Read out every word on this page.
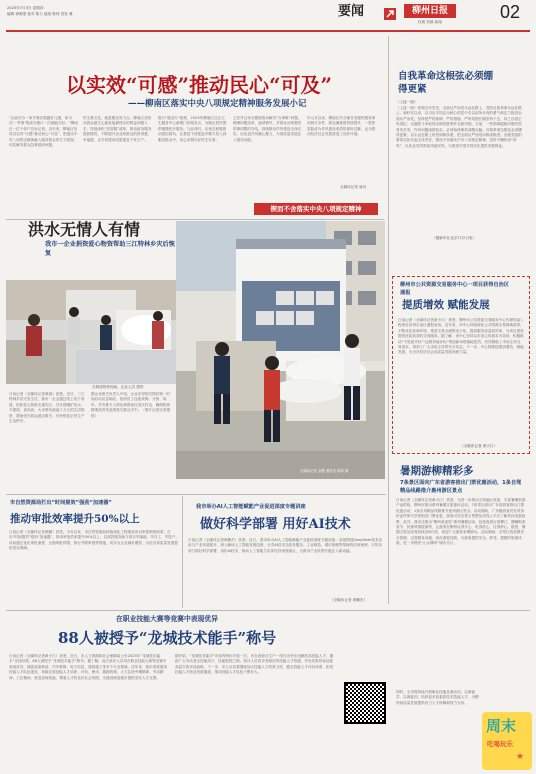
2025年7月3日 星期四
编辑 徐明强 校对 陈力 组版 陈炜 签发 谭	要闻	柳州日报
权威 权威 新闻	02
以实效“可感”推动民心“可及”
——柳南区落实中央八项规定精神服务发展小记
“从前开办一家早餐店要跑好几趟，如今在‘一件事’集成办窗口一次就能办好。”柳南区一位个体户告诉记者。近年来，柳南区坚持以实效“可感”推动民心“可及”，把落实中央八项规定精神融入服务群众的方方面面，切实解决群众急难愁盼问题。
民生难点处，就是服务发力点。柳南区坚持从群众最关心最直接最现实的利益问题入手，持续深化“放管服”改革，推动政务服务提质增效，不断提升企业和群众的获得感、幸福感，让作风建设成果惠及千家万户。
推行“就近办”政策，2025年柳南区社区卫生服务中心新增门诊服务点，为辖区居民提供便捷医疗服务。与此同时，区里还积极推动基层减负，让基层干部把更多精力投入到服务群众中，用心用情办好民生实事。
主任并且牵头整改推动解决“办事难”问题，梳理问题清单，逐项销号，对群众反映强烈的事项限时办结，持续推动作风建设走深走实，以优良作风凝心聚力，为高质量发展注入强劲动能。
年元月以来，柳南区共办理各类便民服务事项两万余件，群众满意度持续提升，一张张笑脸成为作风建设成效的最好注脚，也为推动经济社会发展营造了良好环境。
全媒体记者 唐诗
锲而不舍落实中央八项规定精神
洪水无情人有情
我市一企业捐资爱心物资帮助三江特林乡灾后恢复
在救援物资现场。企业人员 提供
全媒体记者 金慧 通讯员 陈萍 摄
日前记者（全媒体记者黄丽）获悉，近日，三江特林乡洪灾发生后，我市一企业通过线上线下渠道，组织爱心物资支援灾区，共计捐赠矿泉水、方便面、食用油、大米等价值逾十万元的生活物资，帮助受灾群众渡过难关，尽快恢复正常生产生活秩序。
据企业相关负责人介绍，企业在得知灾情后第一时间启动应急响应，组织员工连夜采购、分拣、装车，并安排专人押运物资前往受灾村屯，确保物资精准高效发放到受灾群众手中。（图片由受访者提供）
自我革命这根弦必须绷得更紧
（上接一版）
（上接一版）纵观百年党史，全面从严治党永远在路上，党的自我革命永远在路上。新时代以来，以习近平同志为核心的党中央以前所未有的勇气和定力推进全面从严治党，坚持把严的基调、严的措施、严的氛围长期坚持下去，持之以恒正风肃纪，反腐败斗争取得压倒性胜利并全面巩固。当前，一些领域腐败问题仍然易发多发，作风问题顽固复杂，必须始终保持清醒头脑，自我革命这根弦必须绷得更紧，以永远在路上的坚韧和执着，把全面从严治党向纵深推进。各级党组织要切实担负起主体责任，锲而不舍落实中央八项规定精神，坚持不懈纠治“四风”，以优良党风带政风促民风，为推进中国式现代化提供坚强保证。
（据新华社北京7月2日电）
柳州市公共资源交易服务中心一项目获得自治区通报
提质增效 赋能发展
日前记者（全媒体记者黄小江）获悉，柳州市公共资源交易服务中心代理的某工程项目获得自治区通报表扬。近年来，该中心持续深化公共资源交易领域改革，不断优化营商环境，推进交易全流程电子化，提高服务质量和效率，为项目建设提供优质高效的交易服务。据了解，该中心坚持以市场主体需求为导向，积极推动“不见面开标”“远程异地评标”等创新举措落地见效，有效降低了市场主体交易成本，得到了广大市场主体的充分肯定。下一步，中心将继续提质增效、赋能发展，为全市经济社会高质量发展贡献力量。
（全媒体记者 黄小江）
暑期游柳精彩多
7条景区面向广东省游客推出门票优惠活动，1条自驾精品线路推介惠州游区景点
市自然资源局打出“时间提效”强劲“加速器”
推动审批效率提升50%以上
日前记者（全媒体记者黄鹏）获悉，今年以来，市自然资源局持续深化工程建设项目审批制度改革，打出“时间提效”强劲“加速器”，推动审批效率提升50%以上，以高效服务助力项目早落地、早开工、早投产。该局通过优化审批流程、压缩审批时限、推行并联审批等措施，切实为企业减负增效，为经济高质量发展提供坚实保障。
我市举办AI人工智能赋能产业促进深度专题讲座
做好科学部署 用好AI技术
日前记者（全媒体记者黄鹏杰）获悉，近日，我市举办AI人工智能赋能产业促进深度专题讲座。讲座围绕DeepSeek技术应用与产业发展展开，深入解读人工智能发展趋势，分享AI技术在政务服务、工业制造、城市管理等领域的应用案例，引导各部门做好科学部署，用好AI技术，推动人工智能与实体经济深度融合，为我市产业转型升级注入新动能。
（全媒体记者 黄鹏杰）
日前记者（全媒体记者黄小江）获悉，为进一步推动文旅融合发展，丰富暑期旅游产品供给，柳州市推出系列暑期文旅惠民活动。7条景区面向广东省游客推出门票优惠活动，1条自驾精品线路推介惠州游区景点。活动期间，广东籍游客凭有效身份证件即可享受相应门票优惠，游客可在各景区售票处或线上平台了解具体优惠政策。此外，我市还推出“柳州欢迎您”系列暑期活动，包括夜游百里柳江、螺蛳粉美食节、民族风情展演等，让游客在柳州玩得开心、吃得放心、住得舒心。据悉，暑期文旅活动将持续至8月底，欢迎广大游客来柳游玩。活动期间，各景区将加强安全管理，完善服务设施，优化游览线路，为游客提供安全、舒适、便捷的旅游环境，进一步擦亮“山水柳州”城市名片。
在职业技能大赛等竞赛中表现优异
88人被授予“龙城技术能手”称号
日前记者（全媒体记者黄小江）获悉，近日，市人力资源和社会保障局公布2025年“龙城技术能手”评选结果，88人被授予“龙城技术能手”称号。据了解，此次获评人员均在职业技能大赛等竞赛中表现优异，涵盖装备制造、汽车维修、电子信息、建筑施工等多个行业领域。近年来，我市高度重视技能人才队伍建设，持续完善技能人才培养、评价、使用、激励机制，大力弘扬劳模精神、劳动精神、工匠精神，营造崇尚技能、尊重人才的良好社会氛围，为建设制造强市提供坚实人才支撑。
据介绍，“龙城技术能手”评选每两年开展一次，旨在表彰在生产一线作出突出贡献的高技能人才，激励广大劳动者走技能成才、技能报国之路。获评人员将享受相应的技能人才待遇，并优先推荐参加更高层次的评选表彰。下一步，市人社局将继续加大技能人才培养力度，健全技能人才评价体系，拓宽技能人才职业发展通道，推动技能人才队伍不断壮大。
同时，全市将持续开展职业技能竞赛活动，以赛促学、以赛促训，培养更多高素质技术技能人才，为柳州高质量发展提供有力人才保障和智力支持。
周末
吃喝玩乐
★
